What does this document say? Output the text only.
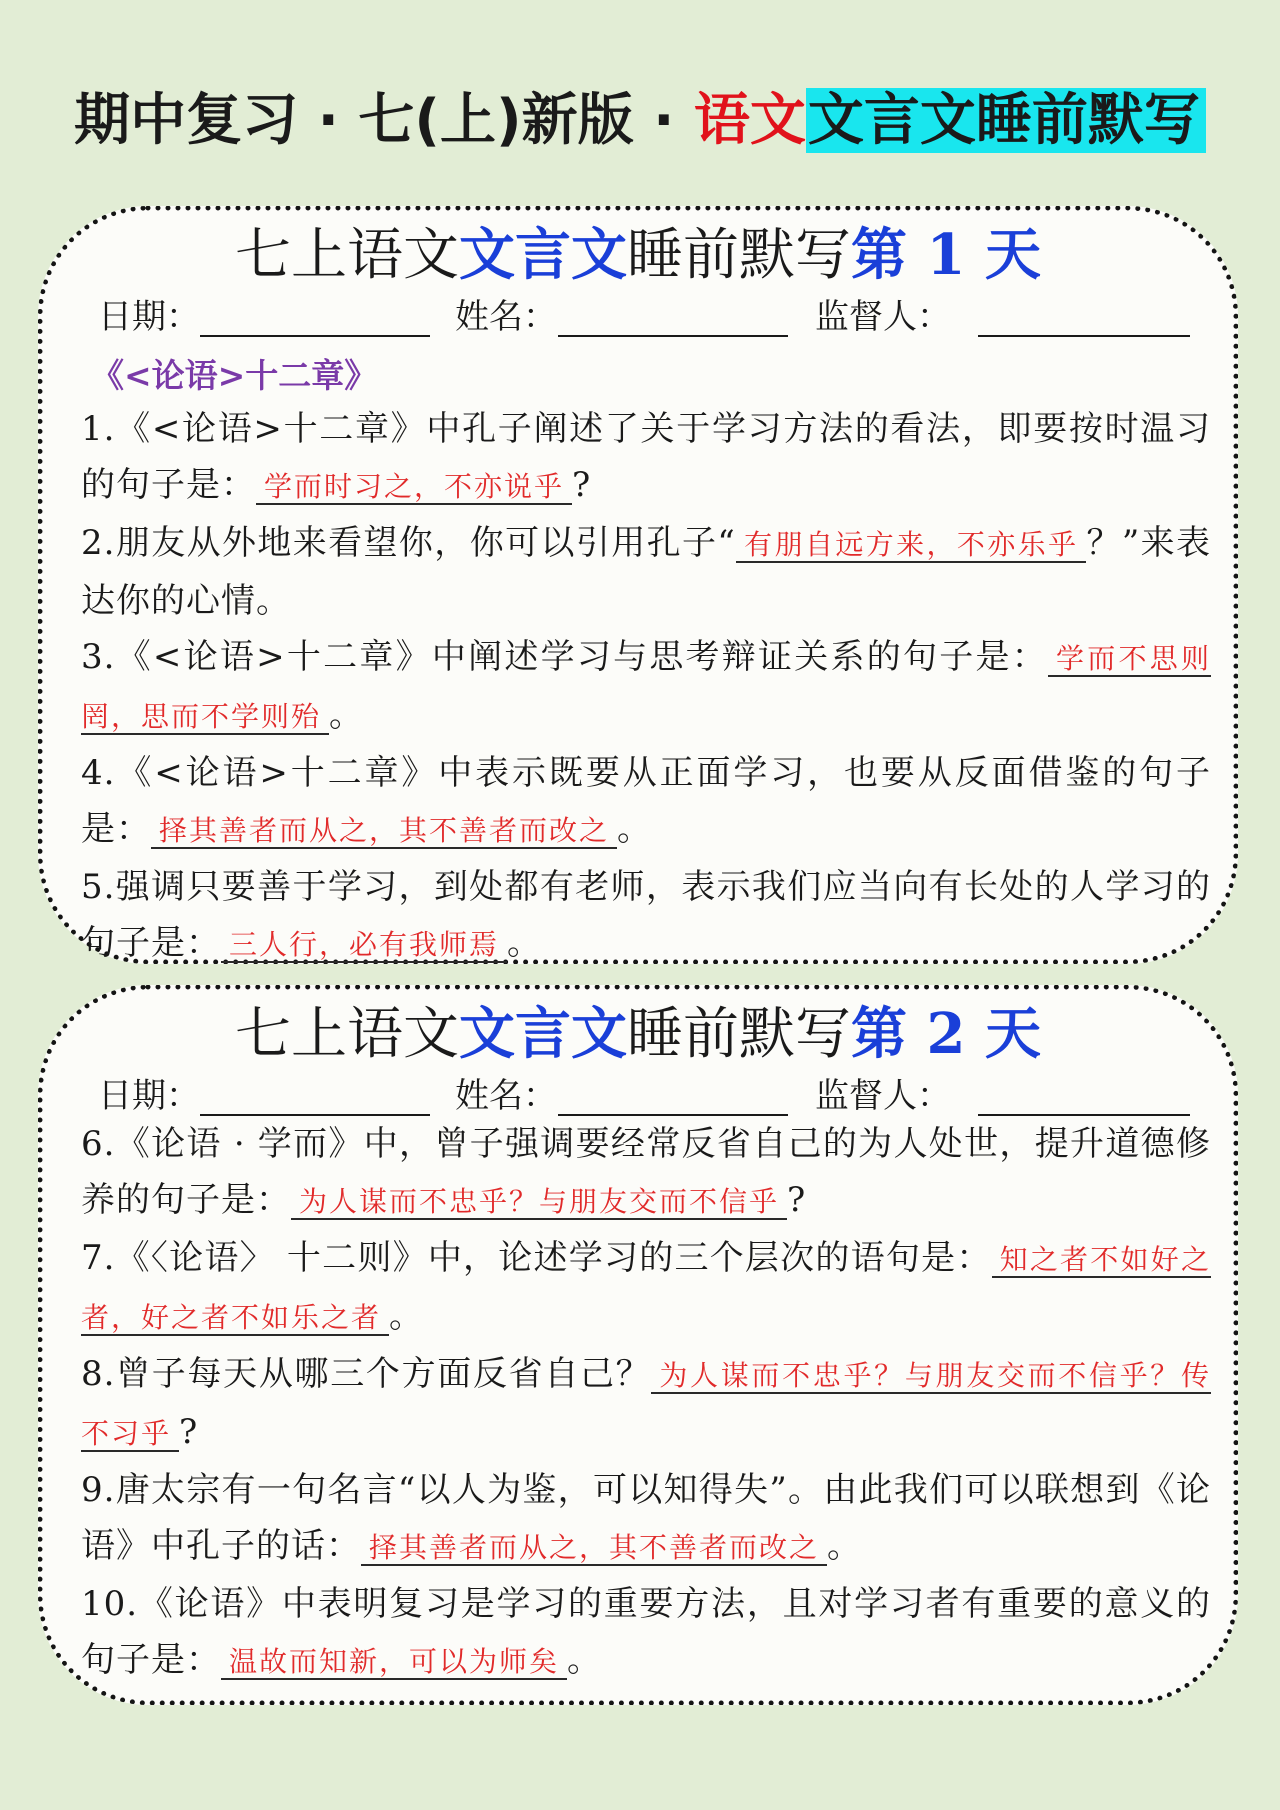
期中复习 · 七(上)新版 · 语文文言文睡前默写
七上语文文言文睡前默写第 1 天
日期：	姓名：	监督人：
《<论语>十二章》
1.《<论语>十二章》中孔子阐述了关于学习方法的看法，即要按时温习的句子是： 学而时习之，不亦说乎 ?
2.朋友从外地来看望你，你可以引用孔子“ 有朋自远方来，不亦乐乎 ？”来表达你的心情。
3.《<论语>十二章》中阐述学习与思考辩证关系的句子是： 学而不思则罔，思而不学则殆 。
4.《<论语>十二章》中表示既要从正面学习，也要从反面借鉴的句子是： 择其善者而从之，其不善者而改之 。
5.强调只要善于学习，到处都有老师，表示我们应当向有长处的人学习的句子是： 三人行，必有我师焉 。
七上语文文言文睡前默写第 2 天
日期：	姓名：	监督人：
6.《论语 · 学而》中，曾子强调要经常反省自己的为人处世，提升道德修养的句子是： 为人谋而不忠乎？与朋友交而不信乎 ?
7.《〈论语〉 十二则》中，论述学习的三个层次的语句是： 知之者不如好之者，好之者不如乐之者 。
8.曾子每天从哪三个方面反省自己？ 为人谋而不忠乎？与朋友交而不信乎？传不习乎 ?
9.唐太宗有一句名言“以人为鉴，可以知得失”。由此我们可以联想到《论语》中孔子的话： 择其善者而从之，其不善者而改之 。
10.《论语》中表明复习是学习的重要方法，且对学习者有重要的意义的句子是： 温故而知新，可以为师矣 。
